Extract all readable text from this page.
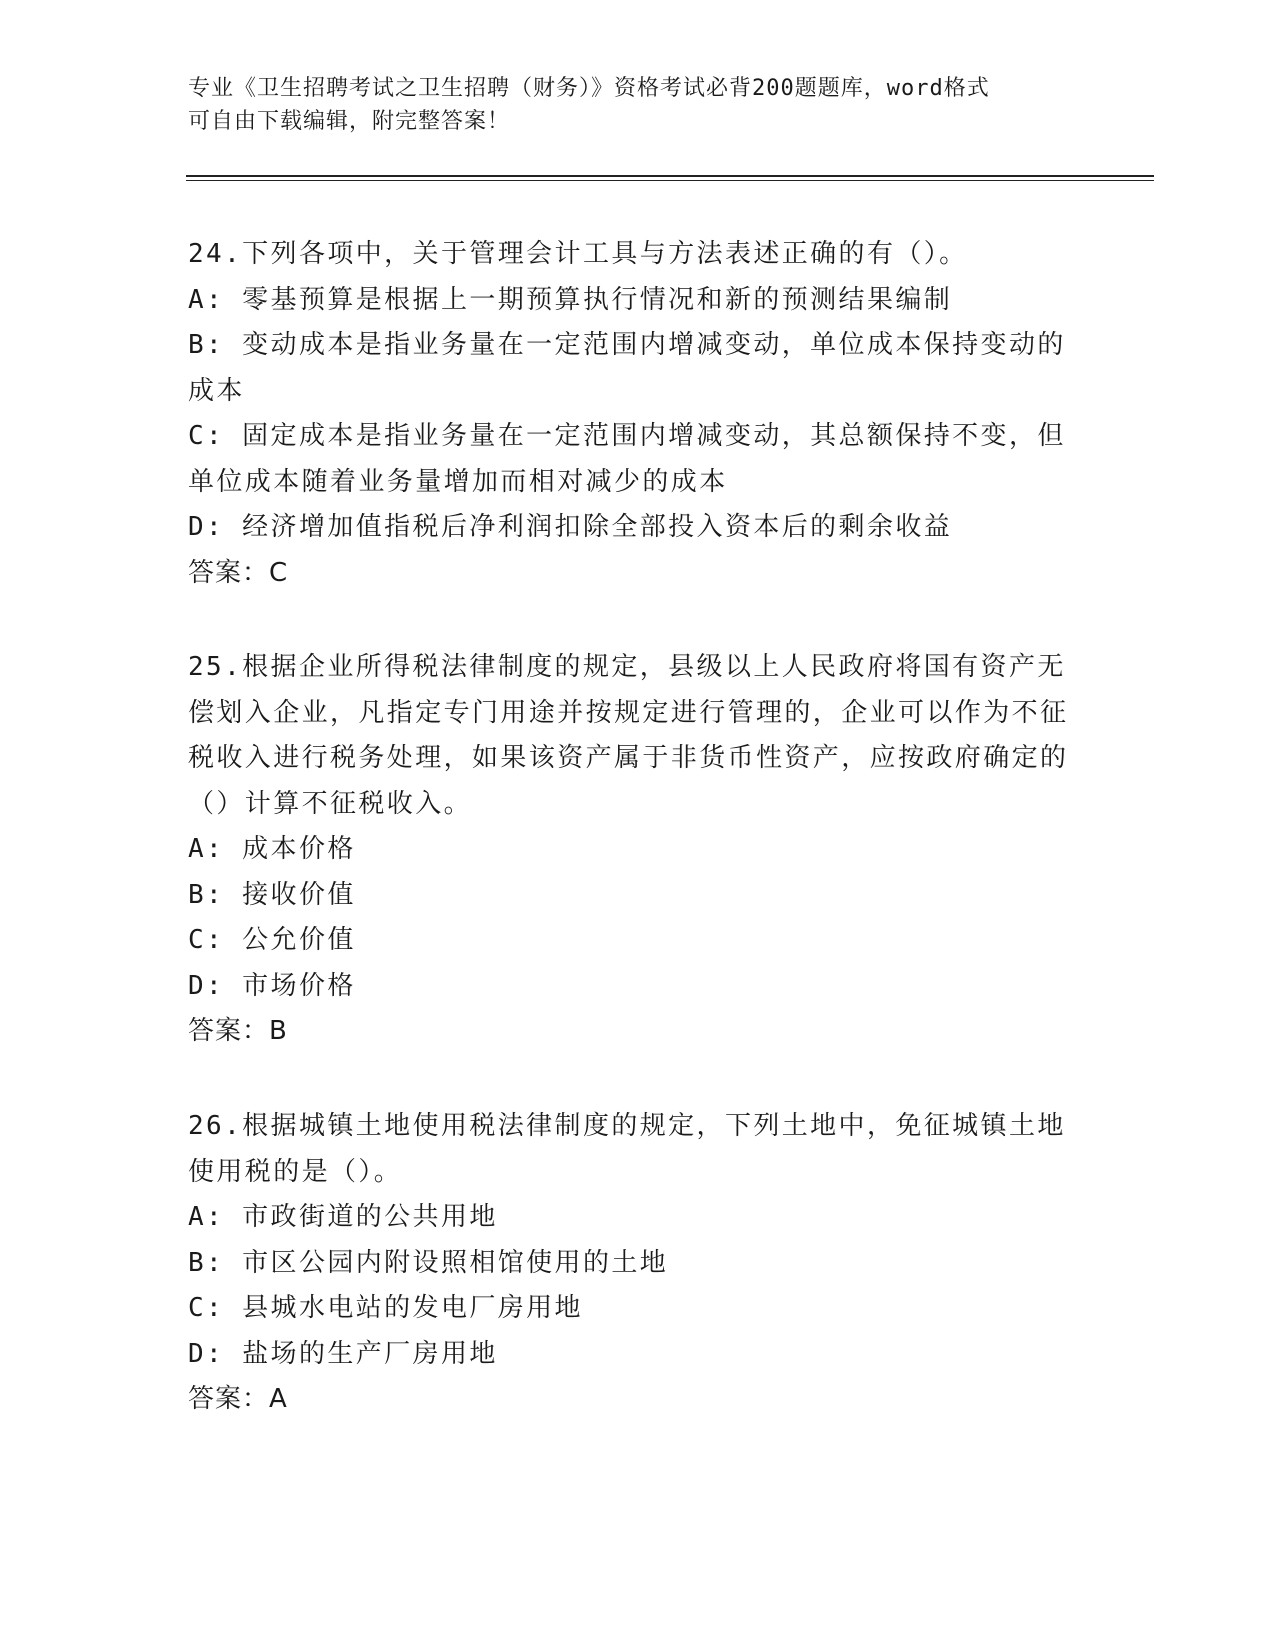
专业《卫生招聘考试之卫生招聘（财务）》资格考试必背200题题库，word格式
可自由下载编辑，附完整答案！
24.下列各项中，关于管理会计工具与方法表述正确的有（）。
A: 零基预算是根据上一期预算执行情况和新的预测结果编制
B: 变动成本是指业务量在一定范围内增减变动，单位成本保持变动的成本
C: 固定成本是指业务量在一定范围内增减变动，其总额保持不变，但单位成本随着业务量增加而相对减少的成本
D: 经济增加值指税后净利润扣除全部投入资本后的剩余收益
答案：C
25.根据企业所得税法律制度的规定，县级以上人民政府将国有资产无偿划入企业，凡指定专门用途并按规定进行管理的，企业可以作为不征税收入进行税务处理，如果该资产属于非货币性资产，应按政府确定的（）计算不征税收入。
A: 成本价格
B: 接收价值
C: 公允价值
D: 市场价格
答案：B
26.根据城镇土地使用税法律制度的规定，下列土地中，免征城镇土地使用税的是（）。
A: 市政街道的公共用地
B: 市区公园内附设照相馆使用的土地
C: 县城水电站的发电厂房用地
D: 盐场的生产厂房用地
答案：A
